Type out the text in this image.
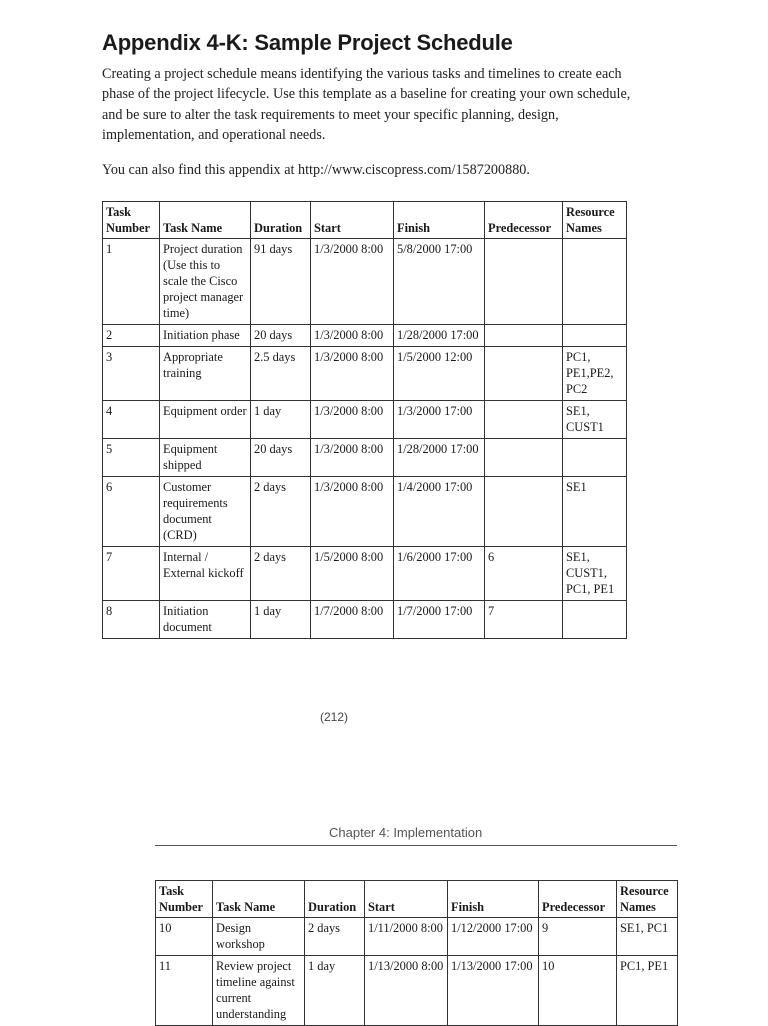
Appendix 4-K: Sample Project Schedule

Creating a project schedule means identifying the various tasks and timelines to create each phase of the project lifecycle. Use this template as a baseline for creating your own schedule, and be sure to alter the task requirements to meet your specific planning, design, implementation, and operational needs.

You can also find this appendix at http://www.ciscopress.com/1587200880.
Task Number	Task Name	Duration	Start	Finish	Predecessor	Resource Names
1	Project duration (Use this to scale the Cisco project manager time)	91 days	1/3/2000 8:00	5/8/2000 17:00		
2	Initiation phase	20 days	1/3/2000 8:00	1/28/2000 17:00		
3	Appropriate training	2.5 days	1/3/2000 8:00	1/5/2000 12:00		PC1, PE1,PE2, PC2
4	Equipment order	1 day	1/3/2000 8:00	1/3/2000 17:00		SE1, CUST1
5	Equipment shipped	20 days	1/3/2000 8:00	1/28/2000 17:00		
6	Customer requirements document (CRD)	2 days	1/3/2000 8:00	1/4/2000 17:00		SE1
7	Internal / External kickoff	2 days	1/5/2000 8:00	1/6/2000 17:00	6	SE1, CUST1, PC1, PE1
8	Initiation document	1 day	1/7/2000 8:00	1/7/2000 17:00	7	
(212)
Chapter 4: Implementation
Task Number	Task Name	Duration	Start	Finish	Predecessor	Resource Names
10	Design workshop	2 days	1/11/2000 8:00	1/12/2000 17:00	9	SE1, PC1
11	Review project timeline against current understanding	1 day	1/13/2000 8:00	1/13/2000 17:00	10	PC1, PE1
